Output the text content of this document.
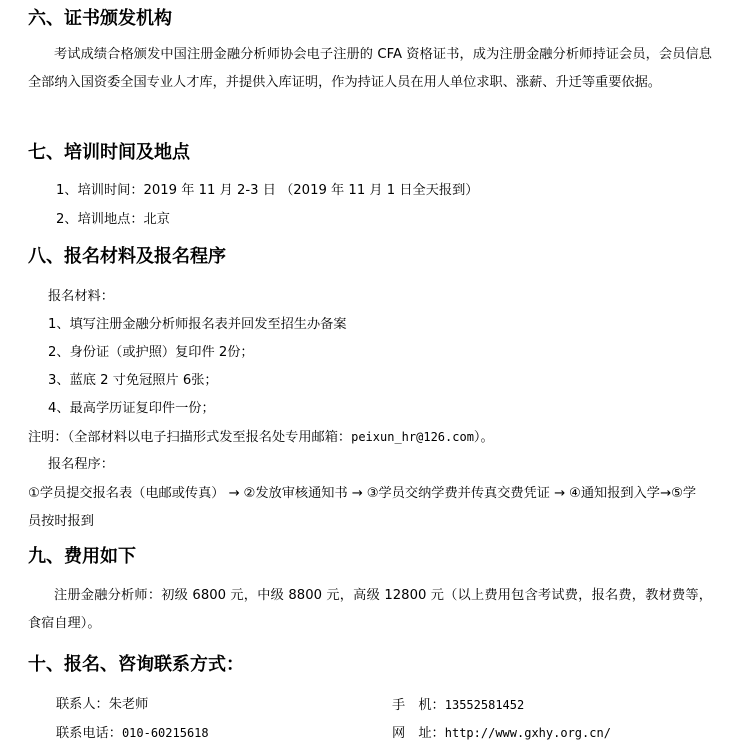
六、证书颁发机构
考试成绩合格颁发中国注册金融分析师协会电子注册的 CFA 资格证书，成为注册金融分析师持证会员，会员信息全部纳入国资委全国专业人才库，并提供入库证明，作为持证人员在用人单位求职、涨薪、升迁等重要依据。
七、培训时间及地点
1、培训时间：2019 年 11 月 2-3 日 （2019 年 11 月 1 日全天报到）
2、培训地点：北京
八、报名材料及报名程序
报名材料：
1、填写注册金融分析师报名表并回发至招生办备案
2、身份证（或护照）复印件 2份；
3、蓝底 2 寸免冠照片 6张；
4、最高学历证复印件一份；
注明：（全部材料以电子扫描形式发至报名处专用邮箱：peixun_hr@126.com）。
报名程序：
①学员提交报名表（电邮或传真） → ②发放审核通知书 → ③学员交纳学费并传真交费凭证 → ④通知报到入学→⑤学员按时报到
九、费用如下
注册金融分析师：初级 6800 元，中级 8800 元，高级 12800 元（以上费用包含考试费，报名费，教材费等，食宿自理）。
十、报名、咨询联系方式：
联系人：朱老师	手　机：13552581452
联系电话：010-60215618	网　址：http://www.gxhy.org.cn/
